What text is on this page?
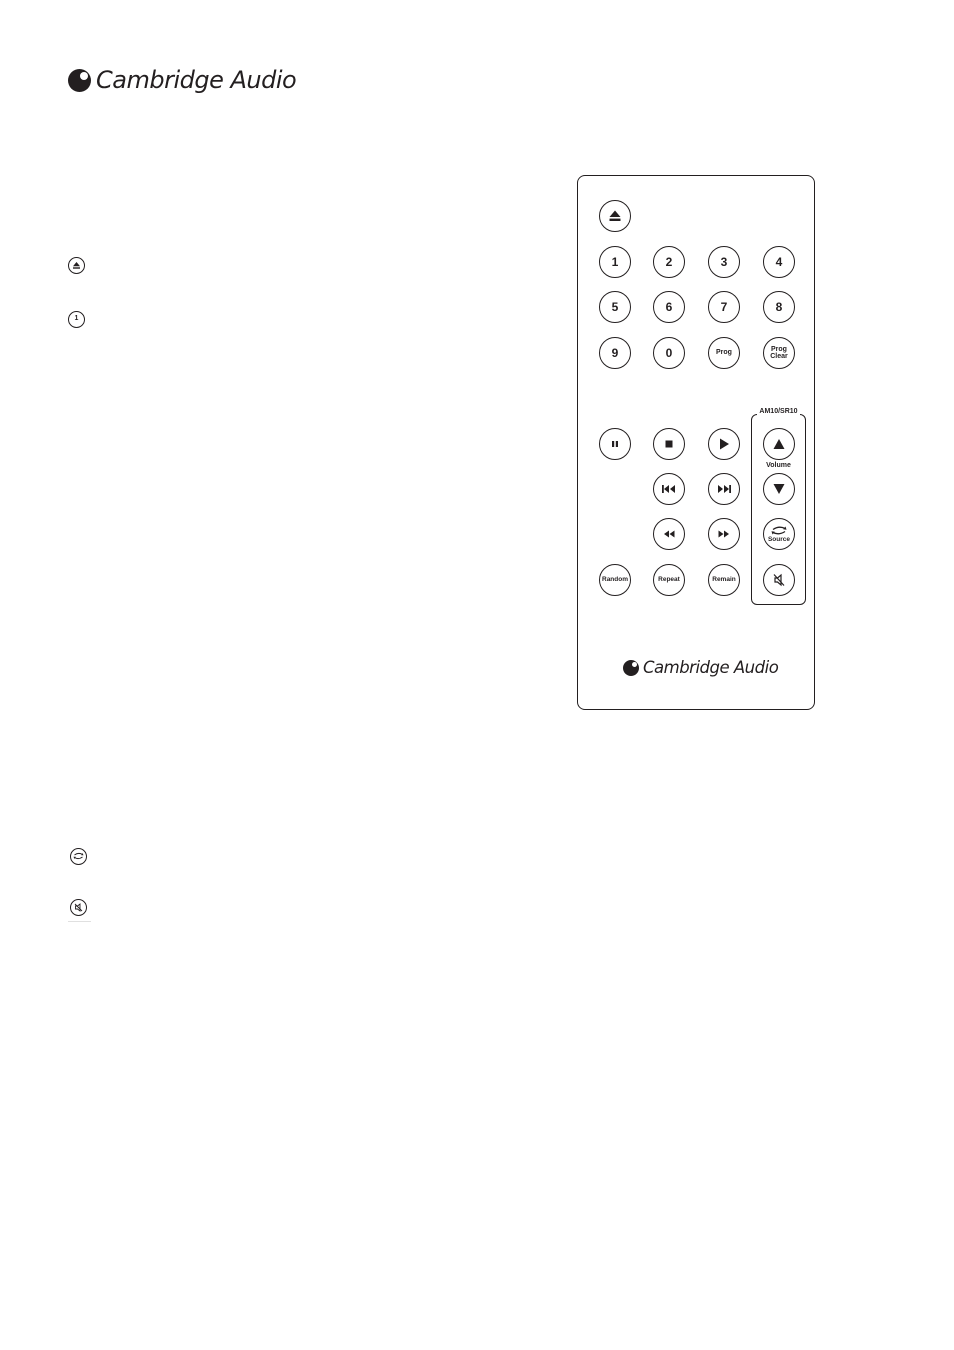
Cambridge Audio
1
1	2	3	4
5	6	7	8
9	0	Prog
Prog
Clear
AM10/SR10
Volume
Source
Random	Repeat	Remain
Cambridge Audio
